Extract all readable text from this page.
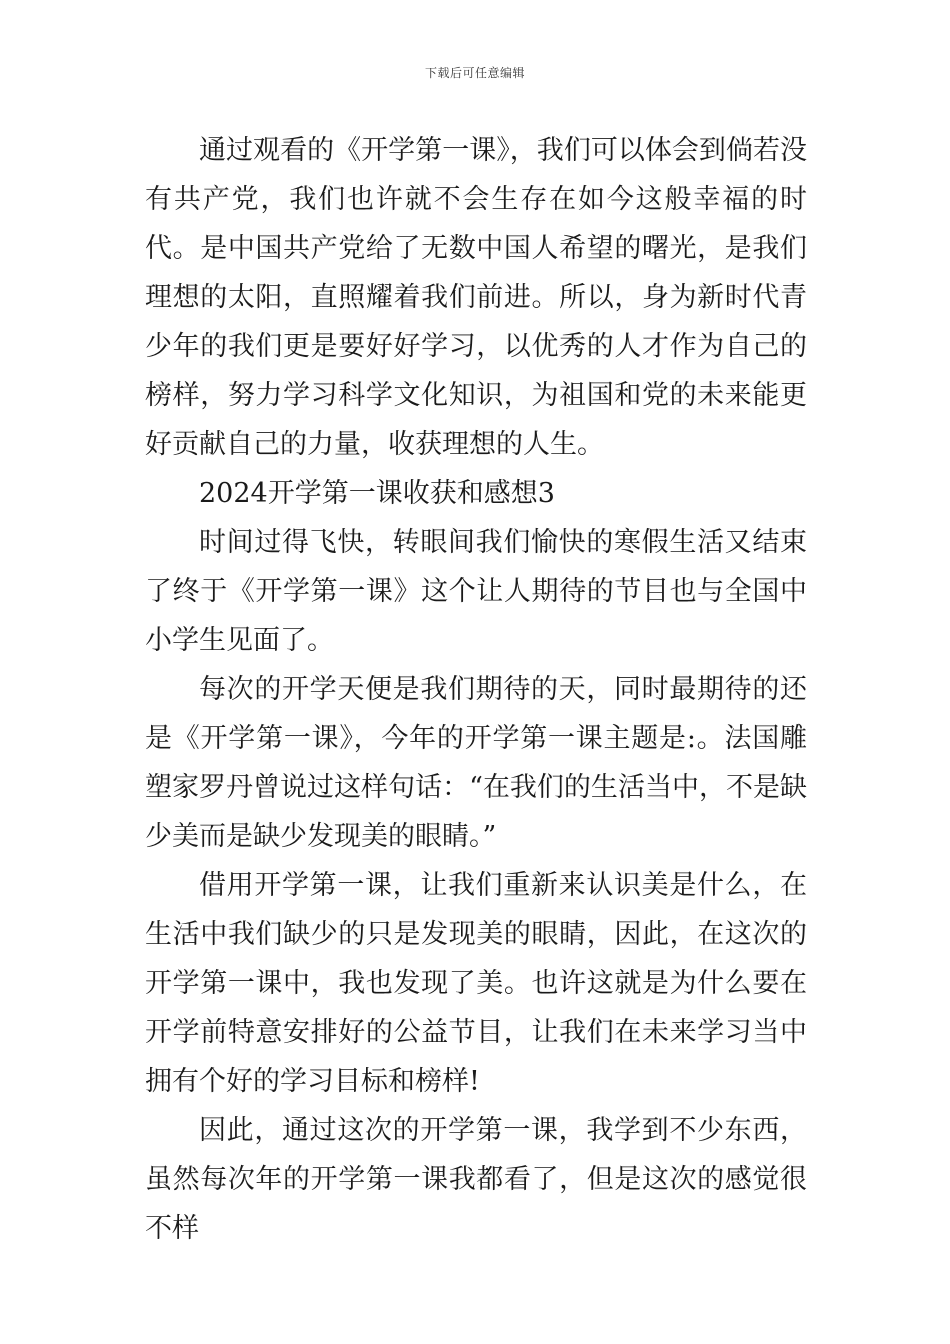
下载后可任意编辑

通过观看的《开学第一课》，我们可以体会到倘若没有共产党，我们也许就不会生存在如今这般幸福的时代。是中国共产党给了无数中国人希望的曙光，是我们理想的太阳，直照耀着我们前进。所以，身为新时代青少年的我们更是要好好学习，以优秀的人才作为自己的榜样，努力学习科学文化知识，为祖国和党的未来能更好贡献自己的力量，收获理想的人生。

2024开学第一课收获和感想3

时间过得飞快，转眼间我们愉快的寒假生活又结束了终于《开学第一课》这个让人期待的节目也与全国中小学生见面了。

每次的开学天便是我们期待的天，同时最期待的还是《开学第一课》，今年的开学第一课主题是:。法国雕塑家罗丹曾说过这样句话：“在我们的生活当中，不是缺少美而是缺少发现美的眼睛。”

借用开学第一课，让我们重新来认识美是什么，在生活中我们缺少的只是发现美的眼睛，因此，在这次的开学第一课中，我也发现了美。也许这就是为什么要在开学前特意安排好的公益节目，让我们在未来学习当中拥有个好的学习目标和榜样!

因此，通过这次的开学第一课，我学到不少东西，虽然每次年的开学第一课我都看了，但是这次的感觉很不样
